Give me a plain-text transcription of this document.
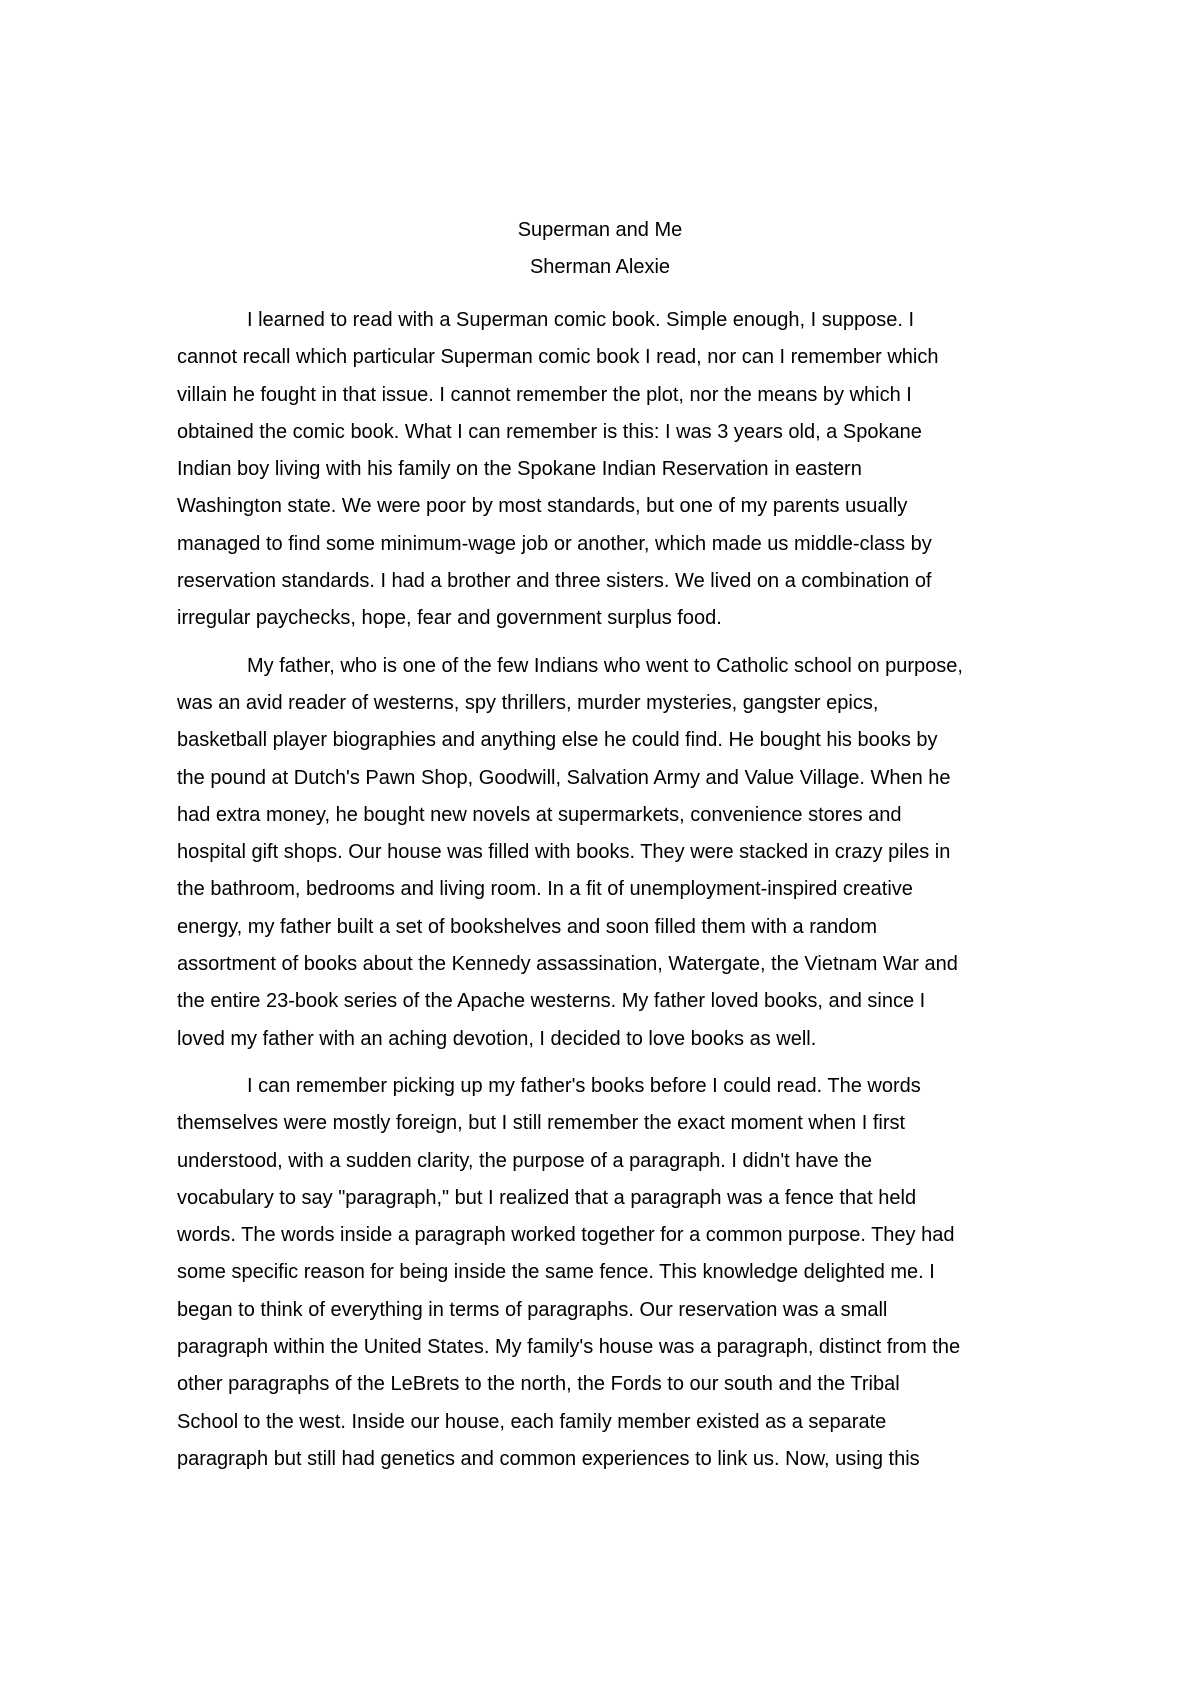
Superman and Me
Sherman Alexie
I learned to read with a Superman comic book. Simple enough, I suppose. I
cannot recall which particular Superman comic book I read, nor can I remember which
villain he fought in that issue. I cannot remember the plot, nor the means by which I
obtained the comic book. What I can remember is this: I was 3 years old, a Spokane
Indian boy living with his family on the Spokane Indian Reservation in eastern
Washington state. We were poor by most standards, but one of my parents usually
managed to find some minimum-wage job or another, which made us middle-class by
reservation standards. I had a brother and three sisters. We lived on a combination of
irregular paychecks, hope, fear and government surplus food.
My father, who is one of the few Indians who went to Catholic school on purpose,
was an avid reader of westerns, spy thrillers, murder mysteries, gangster epics,
basketball player biographies and anything else he could find. He bought his books by
the pound at Dutch's Pawn Shop, Goodwill, Salvation Army and Value Village. When he
had extra money, he bought new novels at supermarkets, convenience stores and
hospital gift shops. Our house was filled with books. They were stacked in crazy piles in
the bathroom, bedrooms and living room. In a fit of unemployment-inspired creative
energy, my father built a set of bookshelves and soon filled them with a random
assortment of books about the Kennedy assassination, Watergate, the Vietnam War and
the entire 23-book series of the Apache westerns. My father loved books, and since I
loved my father with an aching devotion, I decided to love books as well.
I can remember picking up my father's books before I could read. The words
themselves were mostly foreign, but I still remember the exact moment when I first
understood, with a sudden clarity, the purpose of a paragraph. I didn't have the
vocabulary to say "paragraph," but I realized that a paragraph was a fence that held
words. The words inside a paragraph worked together for a common purpose. They had
some specific reason for being inside the same fence. This knowledge delighted me. I
began to think of everything in terms of paragraphs. Our reservation was a small
paragraph within the United States. My family's house was a paragraph, distinct from the
other paragraphs of the LeBrets to the north, the Fords to our south and the Tribal
School to the west. Inside our house, each family member existed as a separate
paragraph but still had genetics and common experiences to link us. Now, using this
